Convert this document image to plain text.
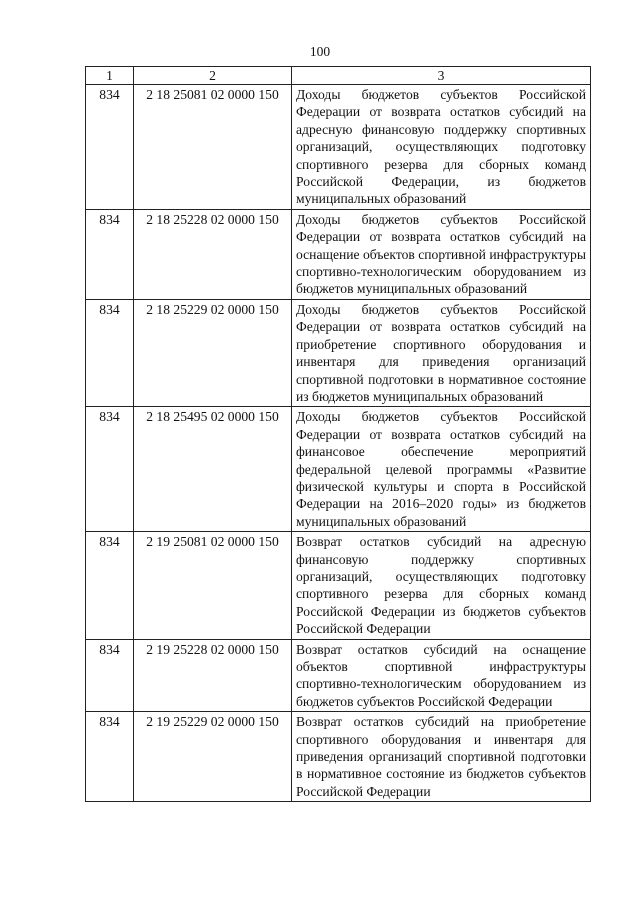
100
1	2	3
834	2 18 25081 02 0000 150	Доходы бюджетов субъектов Российской Федерации от возврата остатков субсидий на адресную финансовую поддержку спортивных организаций, осуществляющих подготовку спортивного резерва для сборных команд Российской Федерации, из бюджетов муниципальных образований
834	2 18 25228 02 0000 150	Доходы бюджетов субъектов Российской Федерации от возврата остатков субсидий на оснащение объектов спортивной инфраструктуры спортивно-технологическим оборудованием из бюджетов муниципальных образований
834	2 18 25229 02 0000 150	Доходы бюджетов субъектов Российской Федерации от возврата остатков субсидий на приобретение спортивного оборудования и инвентаря для приведения организаций спортивной подготовки в нормативное состояние из бюджетов муниципальных образований
834	2 18 25495 02 0000 150	Доходы бюджетов субъектов Российской Федерации от возврата остатков субсидий на финансовое обеспечение мероприятий федеральной целевой программы «Развитие физической культуры и спорта в Российской Федерации на 2016–2020 годы» из бюджетов муниципальных образований
834	2 19 25081 02 0000 150	Возврат остатков субсидий на адресную финансовую поддержку спортивных организаций, осуществляющих подготовку спортивного резерва для сборных команд Российской Федерации из бюджетов субъектов Российской Федерации
834	2 19 25228 02 0000 150	Возврат остатков субсидий на оснащение объектов спортивной инфраструктуры спортивно-технологическим оборудованием из бюджетов субъектов Российской Федерации
834	2 19 25229 02 0000 150	Возврат остатков субсидий на приобретение спортивного оборудования и инвентаря для приведения организаций спортивной подготовки в нормативное состояние из бюджетов субъектов Российской Федерации
